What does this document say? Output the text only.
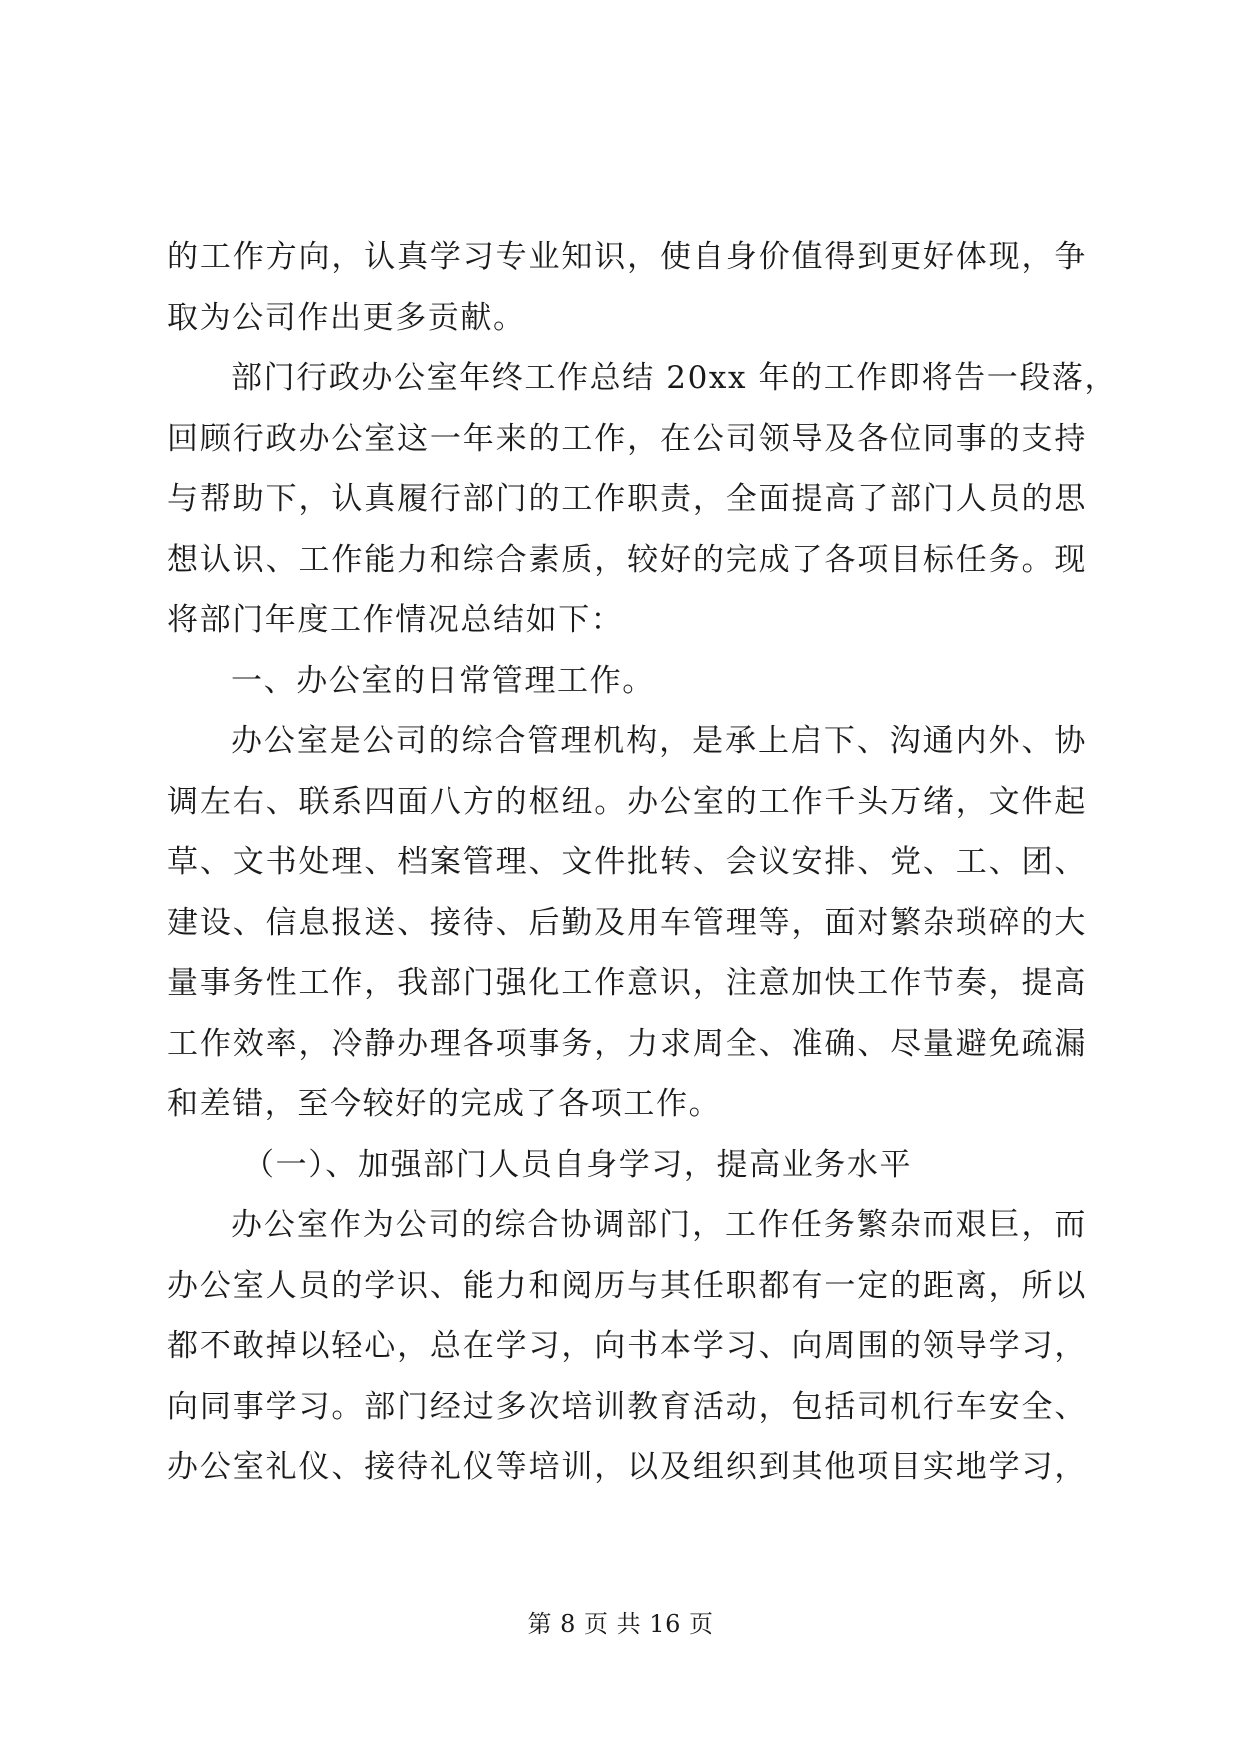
的工作方向，认真学习专业知识，使自身价值得到更好体现，争
取为公司作出更多贡献。
部门行政办公室年终工作总结 20xx 年的工作即将告一段落，
回顾行政办公室这一年来的工作，在公司领导及各位同事的支持
与帮助下，认真履行部门的工作职责，全面提高了部门人员的思
想认识、工作能力和综合素质，较好的完成了各项目标任务。现
将部门年度工作情况总结如下：
一、办公室的日常管理工作。
办公室是公司的综合管理机构，是承上启下、沟通内外、协
调左右、联系四面八方的枢纽。办公室的工作千头万绪，文件起
草、文书处理、档案管理、文件批转、会议安排、党、工、团、
建设、信息报送、接待、后勤及用车管理等，面对繁杂琐碎的大
量事务性工作，我部门强化工作意识，注意加快工作节奏，提高
工作效率，冷静办理各项事务，力求周全、准确、尽量避免疏漏
和差错，至今较好的完成了各项工作。
（一）、加强部门人员自身学习，提高业务水平
办公室作为公司的综合协调部门，工作任务繁杂而艰巨，而
办公室人员的学识、能力和阅历与其任职都有一定的距离，所以
都不敢掉以轻心，总在学习，向书本学习、向周围的领导学习，
向同事学习。部门经过多次培训教育活动，包括司机行车安全、
办公室礼仪、接待礼仪等培训，以及组织到其他项目实地学习，
第 8 页 共 16 页
